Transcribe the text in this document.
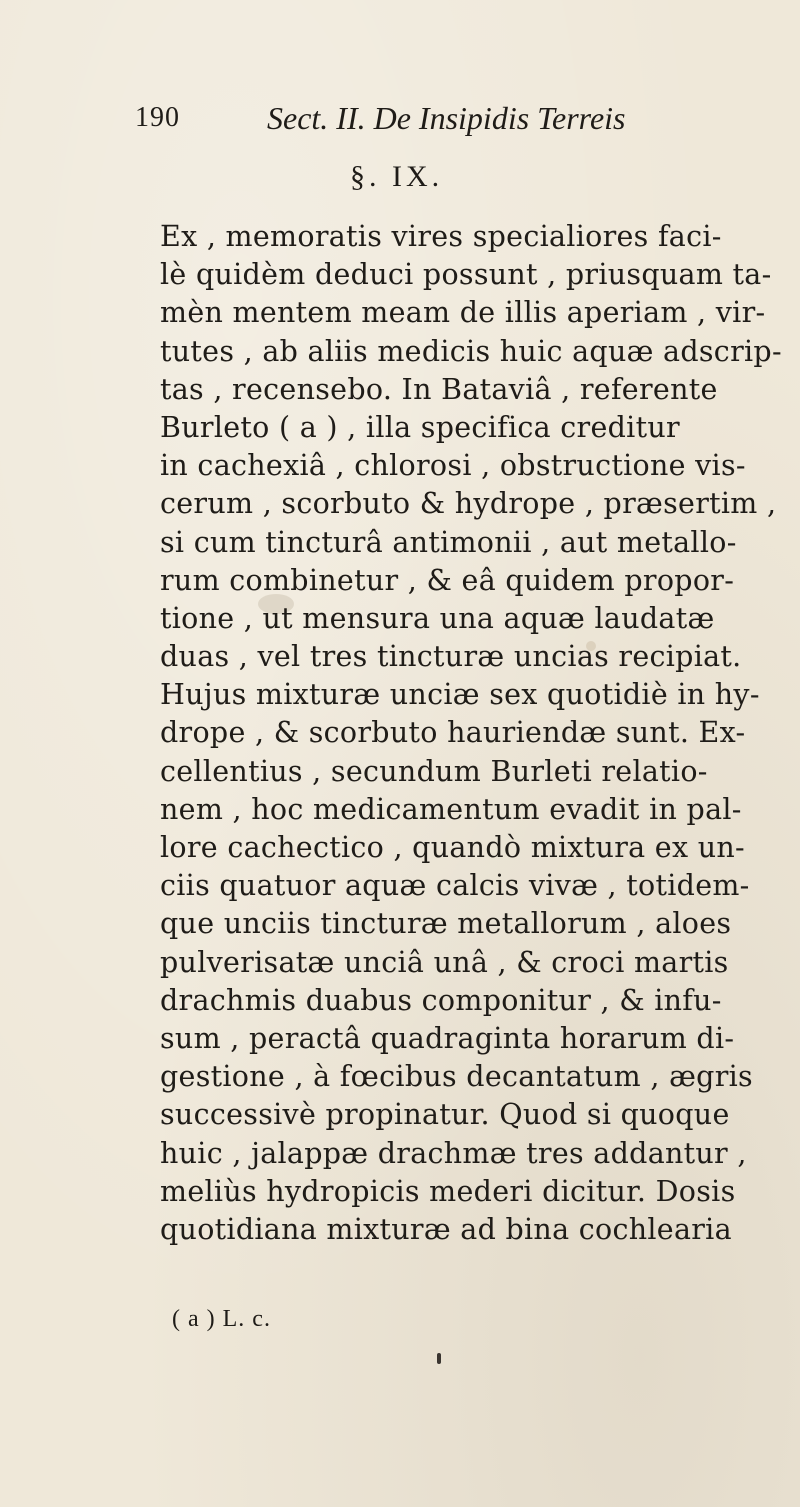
190	Sect. II. De Insipidis Terreis
§. IX.
Ex , memoratis vires specialiores faci-
lè quidèm deduci possunt , priusquam ta-
mèn mentem meam de illis aperiam , vir-
tutes , ab aliis medicis huic aquæ adscrip-
tas , recensebo. In Bataviâ , referente
Burleto ( a ) , illa specifica creditur
in cachexiâ , chlorosi , obstructione vis-
cerum , scorbuto & hydrope , præsertim ,
si cum tincturâ antimonii , aut metallo-
rum combinetur , & eâ quidem propor-
tione , ut mensura una aquæ laudatæ
duas , vel tres tincturæ uncias recipiat.
Hujus mixturæ unciæ sex quotidiè in hy-
drope , & scorbuto hauriendæ sunt. Ex-
cellentius , secundum Burleti relatio-
nem , hoc medicamentum evadit in pal-
lore cachectico , quandò mixtura ex un-
ciis quatuor aquæ calcis vivæ , totidem-
que unciis tincturæ metallorum , aloes
pulverisatæ unciâ unâ , & croci martis
drachmis duabus componitur , & infu-
sum , peractâ quadraginta horarum di-
gestione , à fœcibus decantatum , ægris
successivè propinatur. Quod si quoque
huic , jalappæ drachmæ tres addantur ,
meliùs hydropicis mederi dicitur. Dosis
quotidiana mixturæ ad bina cochlearia
( a ) L. c.
